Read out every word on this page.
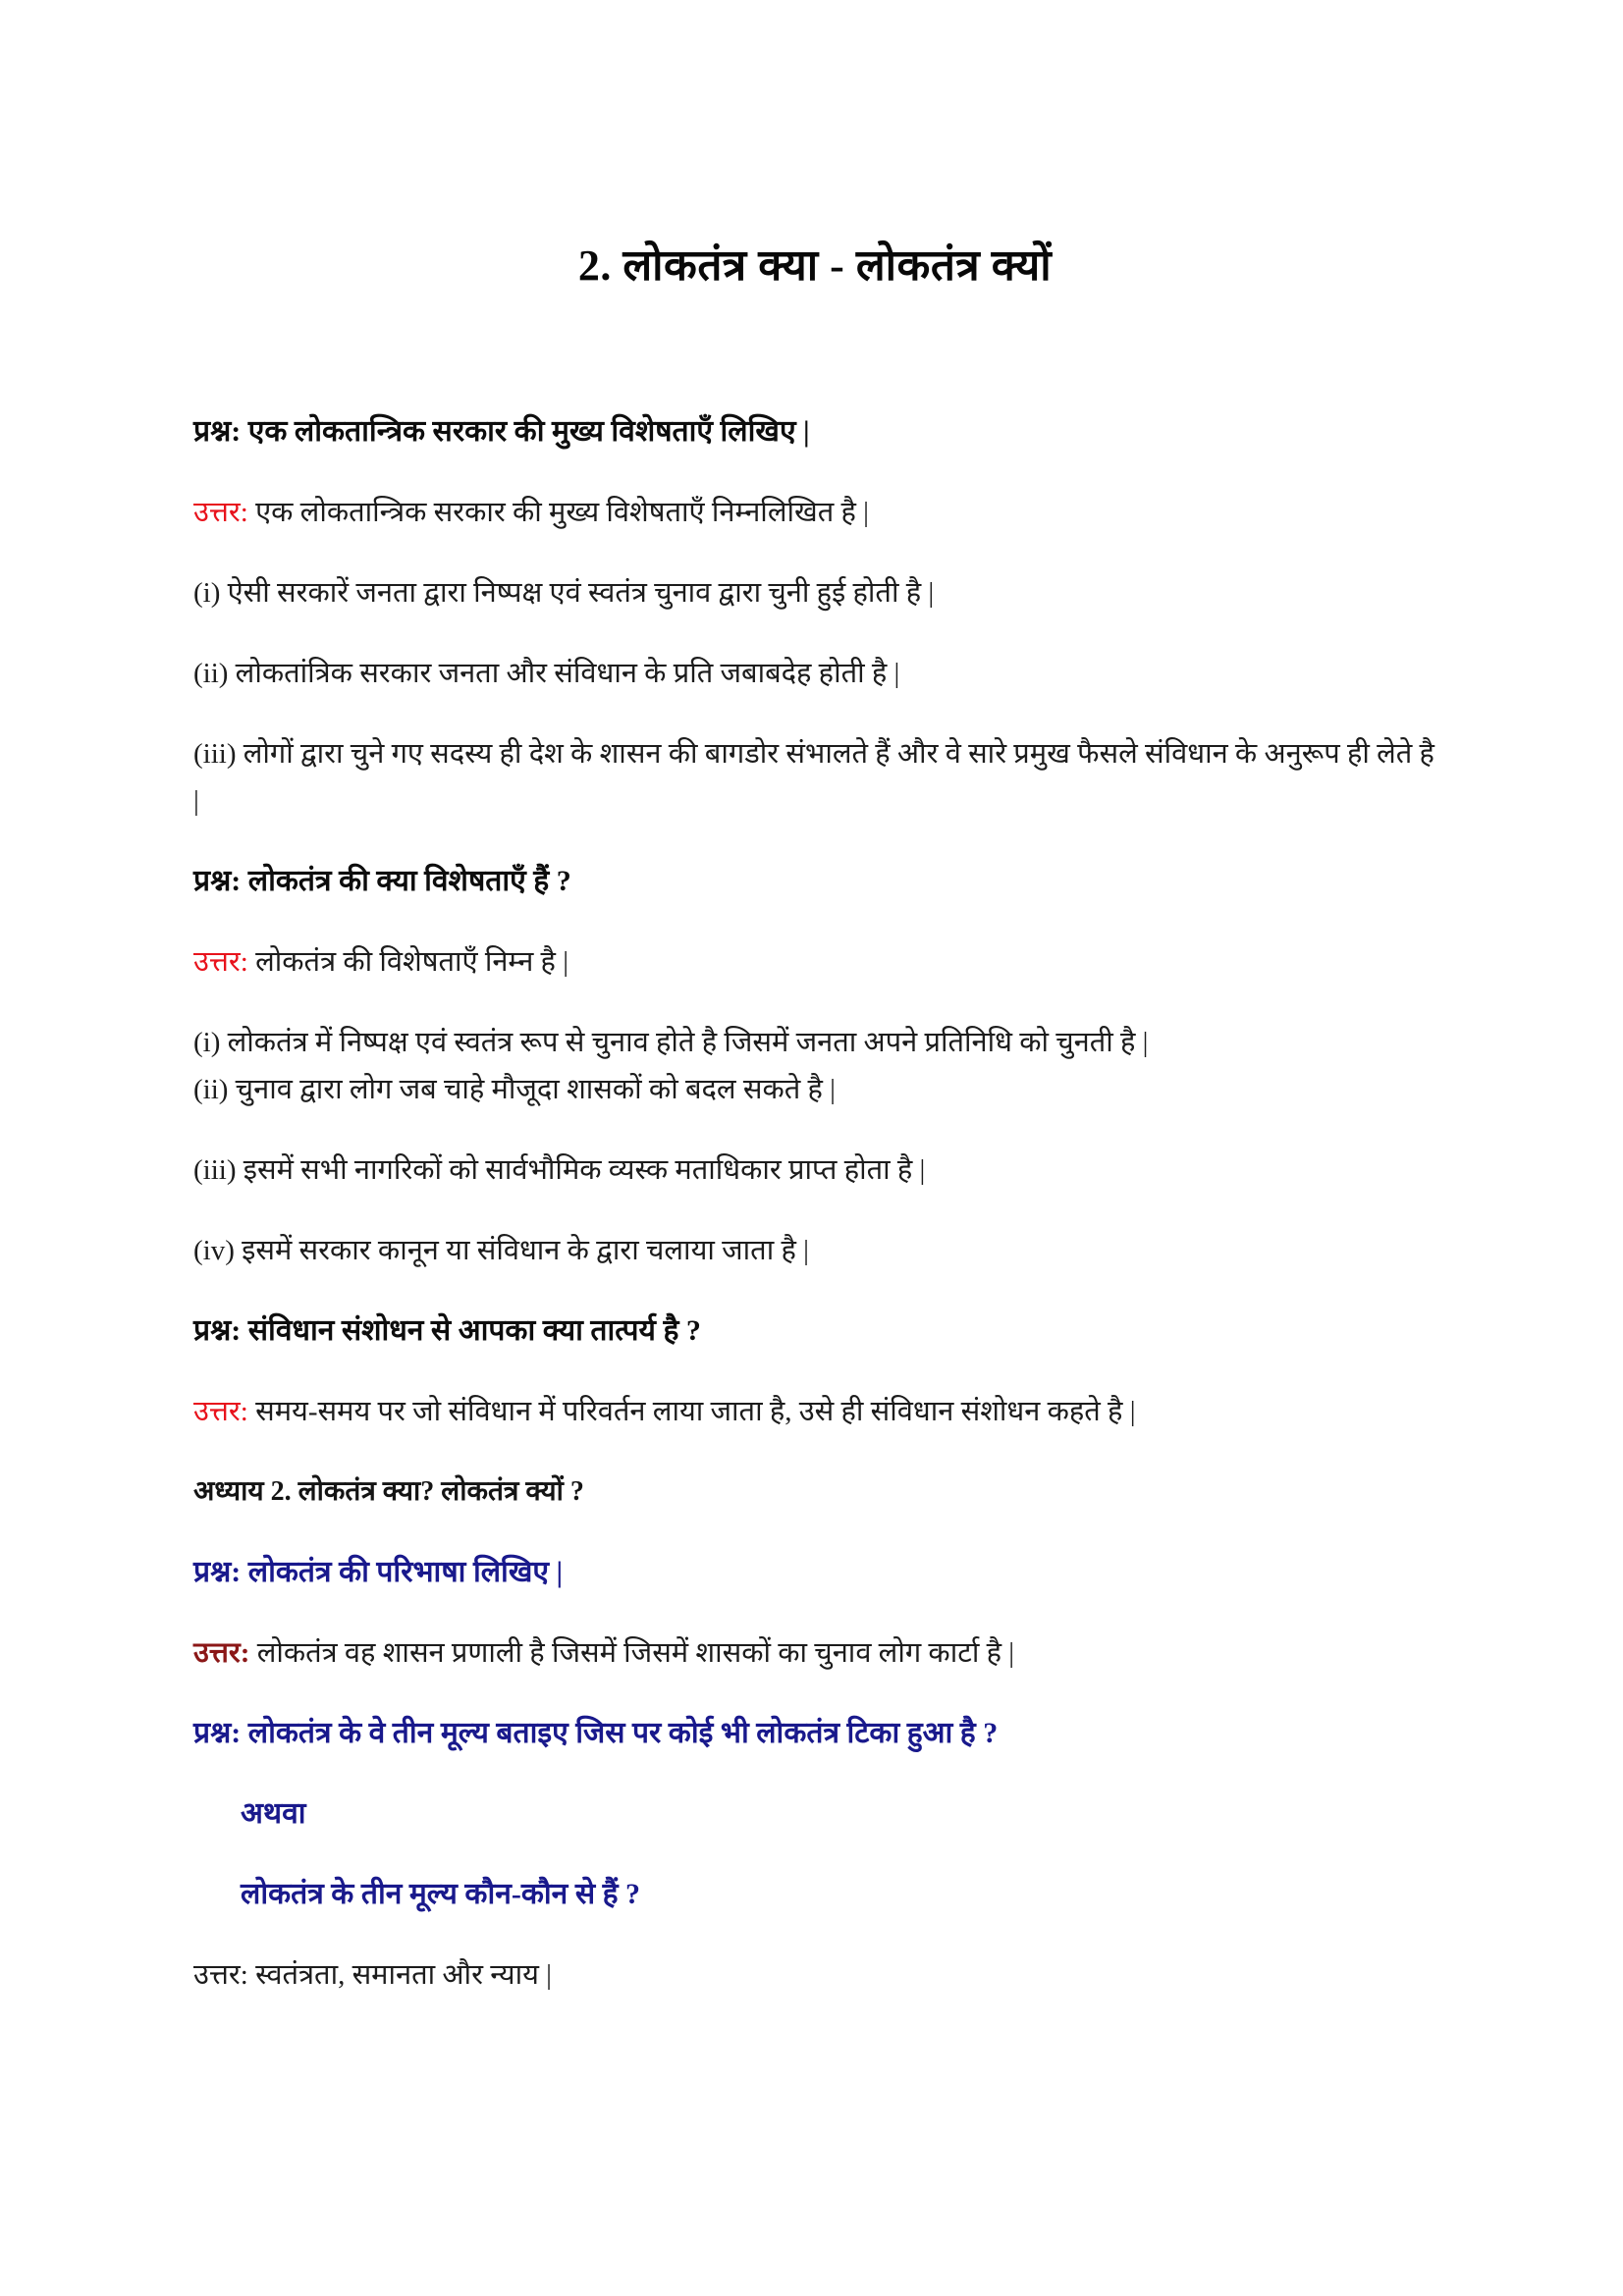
2. लोकतंत्र क्या - लोकतंत्र क्यों

प्रश्न: एक लोकतान्त्रिक सरकार की मुख्य विशेषताएँ लिखिए |

उत्तर: एक लोकतान्त्रिक सरकार की मुख्य विशेषताएँ निम्नलिखित है |

(i) ऐसी सरकारें जनता द्वारा निष्पक्ष एवं स्वतंत्र चुनाव द्वारा चुनी हुई होती है |

(ii) लोकतांत्रिक सरकार जनता और संविधान के प्रति जबाबदेह होती है |

(iii) लोगों द्वारा चुने गए सदस्य ही देश के शासन की बागडोर संभालते हैं और वे सारे प्रमुख फैसले संविधान के अनुरूप ही लेते है |

प्रश्न: लोकतंत्र की क्या विशेषताएँ हैं ?

उत्तर: लोकतंत्र की विशेषताएँ निम्न है |

(i) लोकतंत्र में निष्पक्ष एवं स्वतंत्र रूप से चुनाव होते है जिसमें जनता अपने प्रतिनिधि को चुनती है |

(ii) चुनाव द्वारा लोग जब चाहे मौजूदा शासकों को बदल सकते है |

(iii) इसमें सभी नागरिकों को सार्वभौमिक व्यस्क मताधिकार प्राप्त होता है |

(iv) इसमें सरकार कानून या संविधान के द्वारा चलाया जाता है |

प्रश्न: संविधान संशोधन से आपका क्या तात्पर्य है ?

उत्तर: समय-समय पर जो संविधान में परिवर्तन लाया जाता है, उसे ही संविधान संशोधन कहते है |

अध्याय 2. लोकतंत्र क्या? लोकतंत्र क्यों ?

प्रश्न: लोकतंत्र की परिभाषा लिखिए |

उत्तर: लोकतंत्र वह शासन प्रणाली है जिसमें जिसमें शासकों का चुनाव लोग कार्टा है |

प्रश्न: लोकतंत्र के वे तीन मूल्य बताइए जिस पर कोई भी लोकतंत्र टिका हुआ है ?

अथवा

लोकतंत्र के तीन मूल्य कौन-कौन से हैं ?

उत्तर: स्वतंत्रता, समानता और न्याय |
